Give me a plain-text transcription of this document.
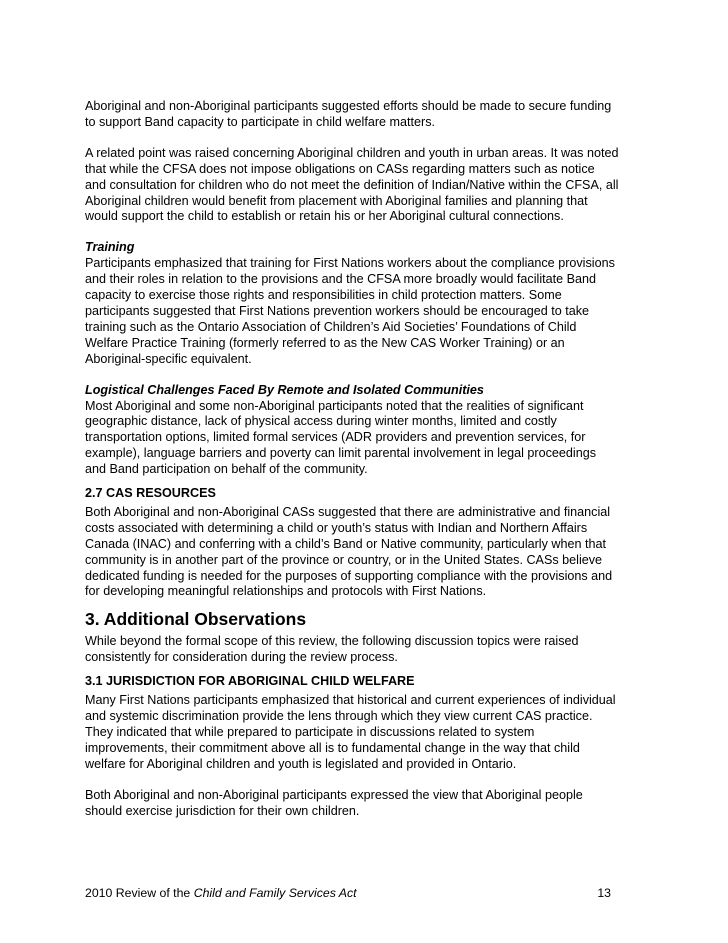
Aboriginal and non-Aboriginal participants suggested efforts should be made to secure funding to support Band capacity to participate in child welfare matters.

A related point was raised concerning Aboriginal children and youth in urban areas. It was noted that while the CFSA does not impose obligations on CASs regarding matters such as notice and consultation for children who do not meet the definition of Indian/Native within the CFSA, all Aboriginal children would benefit from placement with Aboriginal families and planning that would support the child to establish or retain his or her Aboriginal cultural connections.

Training

Participants emphasized that training for First Nations workers about the compliance provisions and their roles in relation to the provisions and the CFSA more broadly would facilitate Band capacity to exercise those rights and responsibilities in child protection matters. Some participants suggested that First Nations prevention workers should be encouraged to take training such as the Ontario Association of Children’s Aid Societies’ Foundations of Child Welfare Practice Training (formerly referred to as the New CAS Worker Training) or an Aboriginal-specific equivalent.

Logistical Challenges Faced By Remote and Isolated Communities

Most Aboriginal and some non-Aboriginal participants noted that the realities of significant geographic distance, lack of physical access during winter months, limited and costly transportation options, limited formal services (ADR providers and prevention services, for example), language barriers and poverty can limit parental involvement in legal proceedings and Band participation on behalf of the community.

2.7 CAS RESOURCES

Both Aboriginal and non-Aboriginal CASs suggested that there are administrative and financial costs associated with determining a child or youth’s status with Indian and Northern Affairs Canada (INAC) and conferring with a child’s Band or Native community, particularly when that community is in another part of the province or country, or in the United States. CASs believe dedicated funding is needed for the purposes of supporting compliance with the provisions and for developing meaningful relationships and protocols with First Nations.

3. Additional Observations

While beyond the formal scope of this review, the following discussion topics were raised consistently for consideration during the review process.

3.1 JURISDICTION FOR ABORIGINAL CHILD WELFARE

Many First Nations participants emphasized that historical and current experiences of individual and systemic discrimination provide the lens through which they view current CAS practice. They indicated that while prepared to participate in discussions related to system improvements, their commitment above all is to fundamental change in the way that child welfare for Aboriginal children and youth is legislated and provided in Ontario.

Both Aboriginal and non-Aboriginal participants expressed the view that Aboriginal people should exercise jurisdiction for their own children.

2010 Review of the Child and Family Services Act	13
